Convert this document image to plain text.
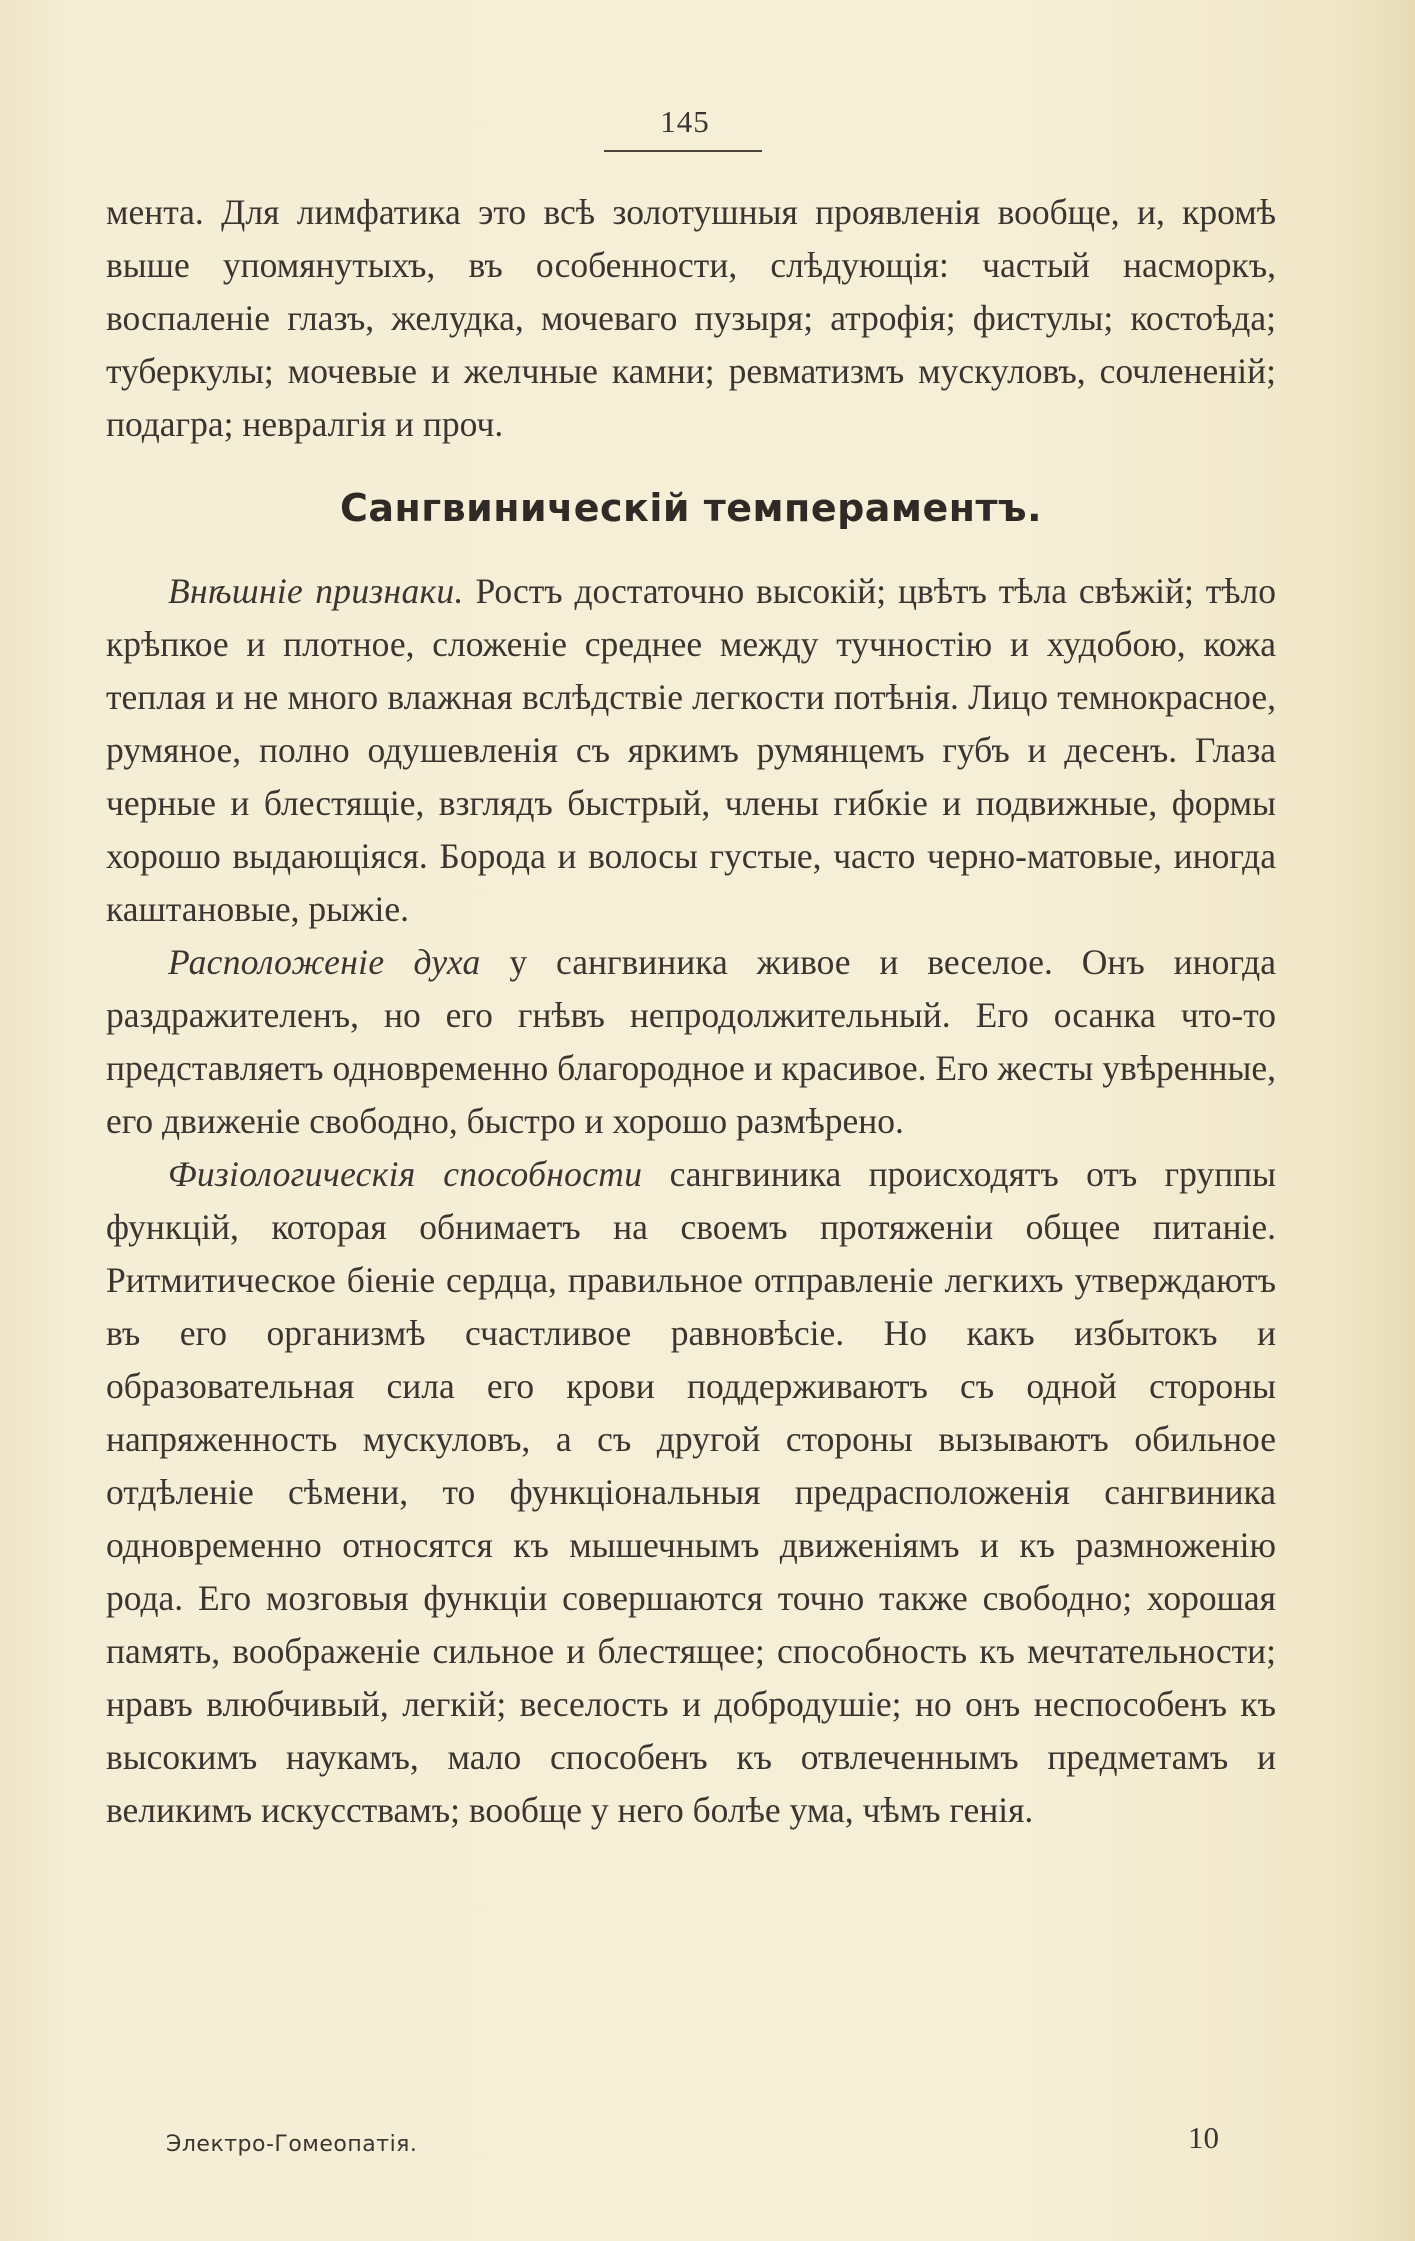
145

мента. Для лимфатика это всѣ золотушныя проявленія вообще, и, кромѣ выше упомянутыхъ, въ особенности, слѣдующія: частый насморкъ, воспаленіе глазъ, желудка, мочеваго пузыря; атрофія; фистулы; костоѣда; туберкулы; мочевые и желчные камни; ревматизмъ мускуловъ, сочлененій; подагра; невралгія и проч.

Сангвиническій темпераментъ.

Внѣшніе признаки. Ростъ достаточно высокій; цвѣтъ тѣла свѣжій; тѣло крѣпкое и плотное, сложеніе среднее между тучностію и худобою, кожа теплая и не много влажная вслѣдствіе легкости потѣнія. Лицо темнокрасное, румяное, полно одушевленія съ яркимъ румянцемъ губъ и десенъ. Глаза черные и блестящіе, взглядъ быстрый, члены гибкіе и подвижные, формы хорошо выдающіяся. Борода и волосы густые, часто черно-матовые, иногда каштановые, рыжіе.

Расположеніе духа у сангвиника живое и веселое. Онъ иногда раздражителенъ, но его гнѣвъ непродолжительный. Его осанка что-то представляетъ одновременно благородное и красивое. Его жесты увѣренные, его движеніе свободно, быстро и хорошо размѣрено.

Физіологическія способности сангвиника происходятъ отъ группы функцій, которая обнимаетъ на своемъ протяженіи общее питаніе. Ритмитическое біеніе сердца, правильное отправленіе легкихъ утверждаютъ въ его организмѣ счастливое равновѣсіе. Но какъ избытокъ и образовательная сила его крови поддерживаютъ съ одной стороны напряженность мускуловъ, а съ другой стороны вызываютъ обильное отдѣленіе сѣмени, то функціональныя предрасположенія сангвиника одновременно относятся къ мышечнымъ движеніямъ и къ размноженію рода. Его мозговыя функціи совершаются точно также свободно; хорошая память, воображеніе сильное и блестящее; способность къ мечтательности; нравъ влюбчивый, легкій; веселость и добродушіе; но онъ неспособенъ къ высокимъ наукамъ, мало способенъ къ отвлеченнымъ предметамъ и великимъ искусствамъ; вообще у него болѣе ума, чѣмъ генія.

Электро-Гомеопатія.	10
